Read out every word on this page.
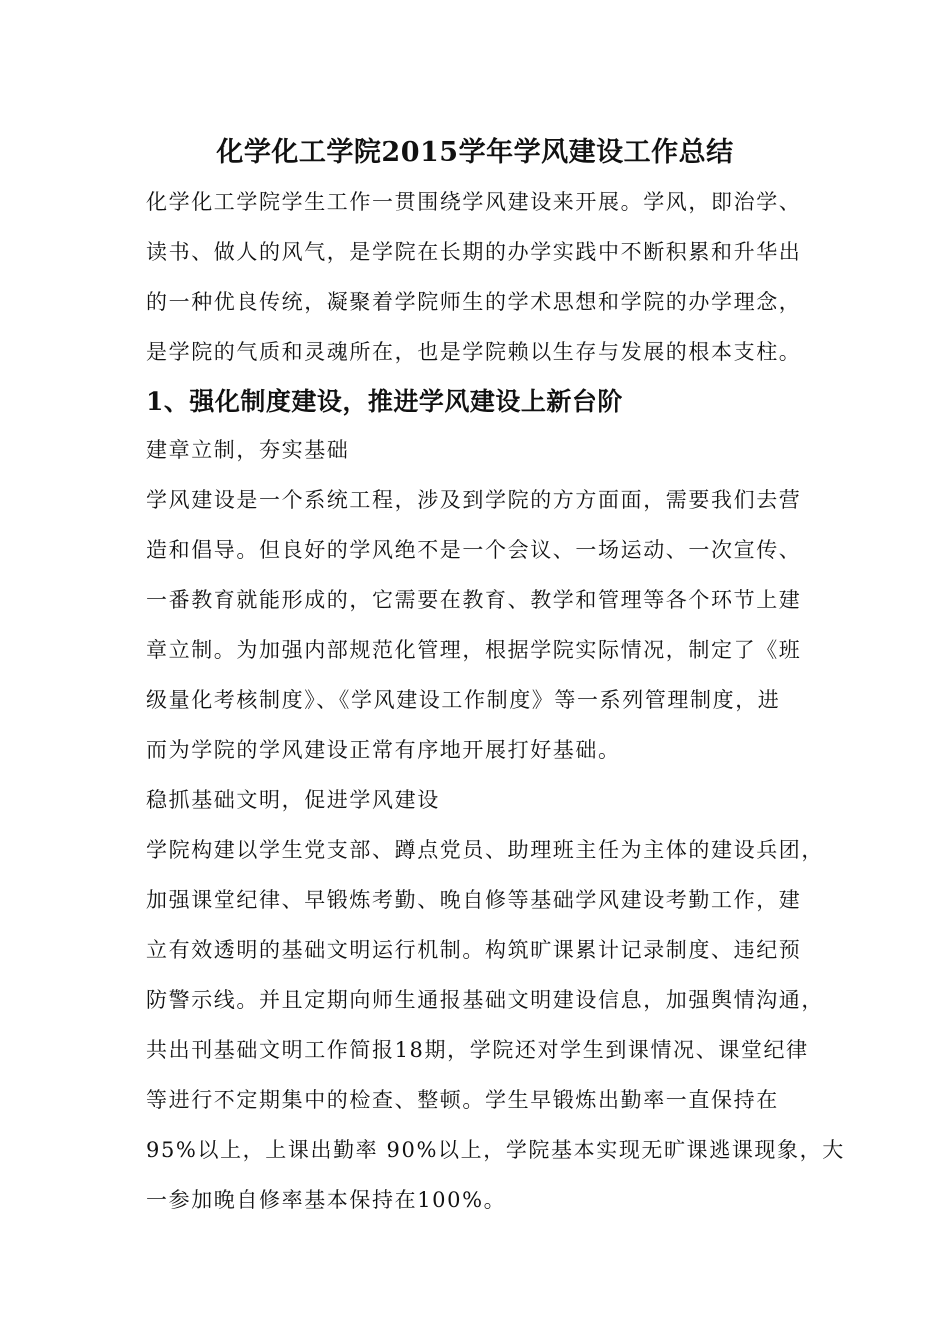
化学化工学院2015学年学风建设工作总结
化学化工学院学生工作一贯围绕学风建设来开展。学风，即治学、
读书、做人的风气，是学院在长期的办学实践中不断积累和升华出
的一种优良传统，凝聚着学院师生的学术思想和学院的办学理念，
是学院的气质和灵魂所在，也是学院赖以生存与发展的根本支柱。
1、强化制度建设，推进学风建设上新台阶
建章立制，夯实基础
学风建设是一个系统工程，涉及到学院的方方面面，需要我们去营
造和倡导。但良好的学风绝不是一个会议、一场运动、一次宣传、
一番教育就能形成的，它需要在教育、教学和管理等各个环节上建
章立制。为加强内部规范化管理，根据学院实际情况，制定了《班
级量化考核制度》、《学风建设工作制度》等一系列管理制度，进
而为学院的学风建设正常有序地开展打好基础。
稳抓基础文明，促进学风建设
学院构建以学生党支部、蹲点党员、助理班主任为主体的建设兵团，
加强课堂纪律、早锻炼考勤、晚自修等基础学风建设考勤工作，建
立有效透明的基础文明运行机制。构筑旷课累计记录制度、违纪预
防警示线。并且定期向师生通报基础文明建设信息，加强舆情沟通，
共出刊基础文明工作简报18期，学院还对学生到课情况、课堂纪律
等进行不定期集中的检查、整顿。学生早锻炼出勤率一直保持在
95%以上，上课出勤率 90%以上，学院基本实现无旷课逃课现象，大
一参加晚自修率基本保持在100%。
